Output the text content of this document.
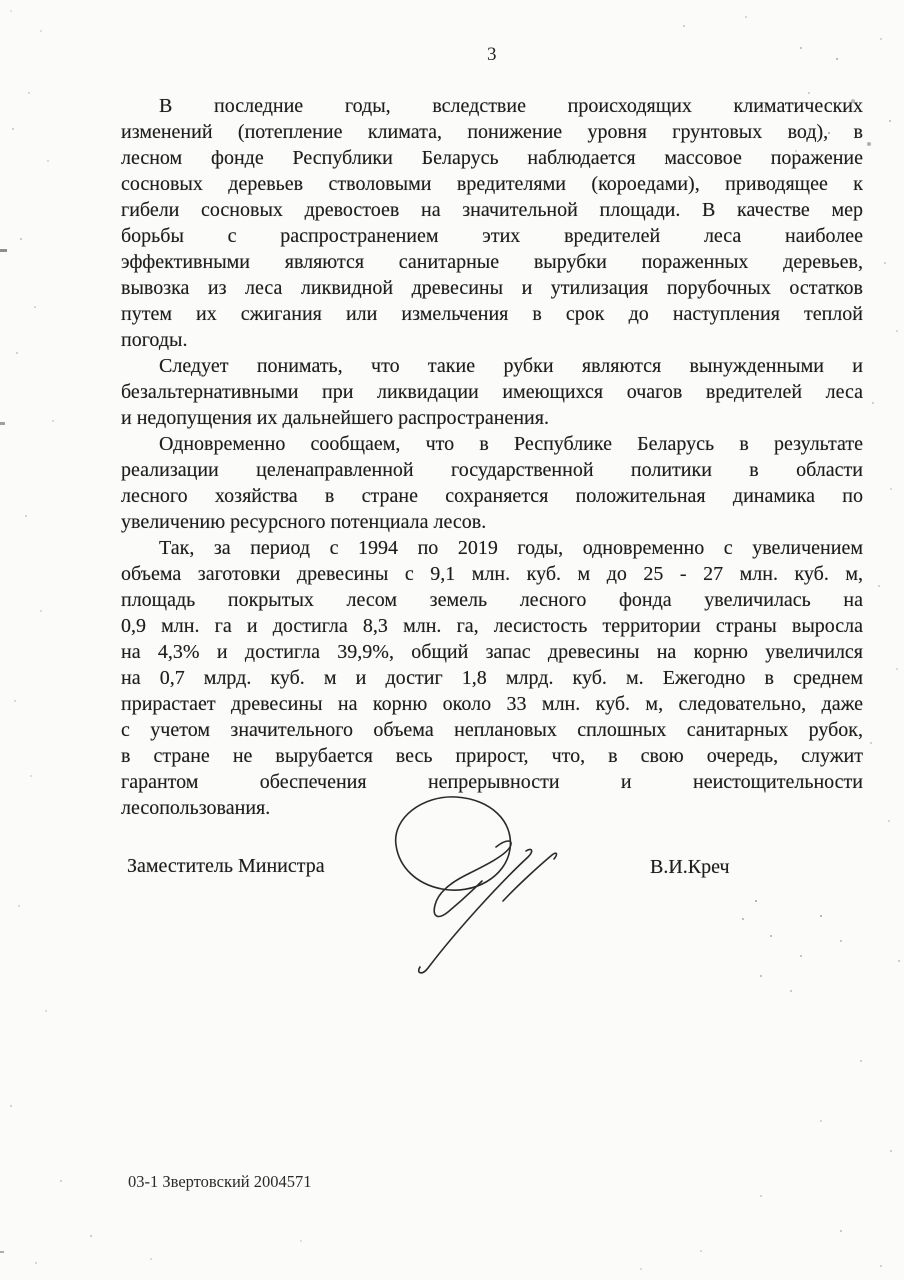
3
В последние годы, вследствие происходящих климатических
изменений (потепление климата, понижение уровня грунтовых вод), в
лесном фонде Республики Беларусь наблюдается массовое поражение
сосновых деревьев стволовыми вредителями (короедами), приводящее к
гибели сосновых древостоев на значительной площади. В качестве мер
борьбы с распространением этих вредителей леса наиболее
эффективными являются санитарные вырубки пораженных деревьев,
вывозка из леса ликвидной древесины и утилизация порубочных остатков
путем их сжигания или измельчения в срок до наступления теплой
погоды.
Следует понимать, что такие рубки являются вынужденными и
безальтернативными при ликвидации имеющихся очагов вредителей леса
и недопущения их дальнейшего распространения.
Одновременно сообщаем, что в Республике Беларусь в результате
реализации целенаправленной государственной политики в области
лесного хозяйства в стране сохраняется положительная динамика по
увеличению ресурсного потенциала лесов.
Так, за период с 1994 по 2019 годы, одновременно с увеличением
объема заготовки древесины с 9,1 млн. куб. м до 25 - 27 млн. куб. м,
площадь покрытых лесом земель лесного фонда увеличилась на
0,9 млн. га и достигла 8,3 млн. га, лесистость территории страны выросла
на 4,3% и достигла 39,9%, общий запас древесины на корню увеличился
на 0,7 млрд. куб. м и достиг 1,8 млрд. куб. м. Ежегодно в среднем
прирастает древесины на корню около 33 млн. куб. м, следовательно, даже
с учетом значительного объема неплановых сплошных санитарных рубок,
в стране не вырубается весь прирост, что, в свою очередь, служит
гарантом обеспечения непрерывности и неистощительности
лесопользования.
Заместитель Министра	В.И.Креч
03-1 Звертовский 2004571
